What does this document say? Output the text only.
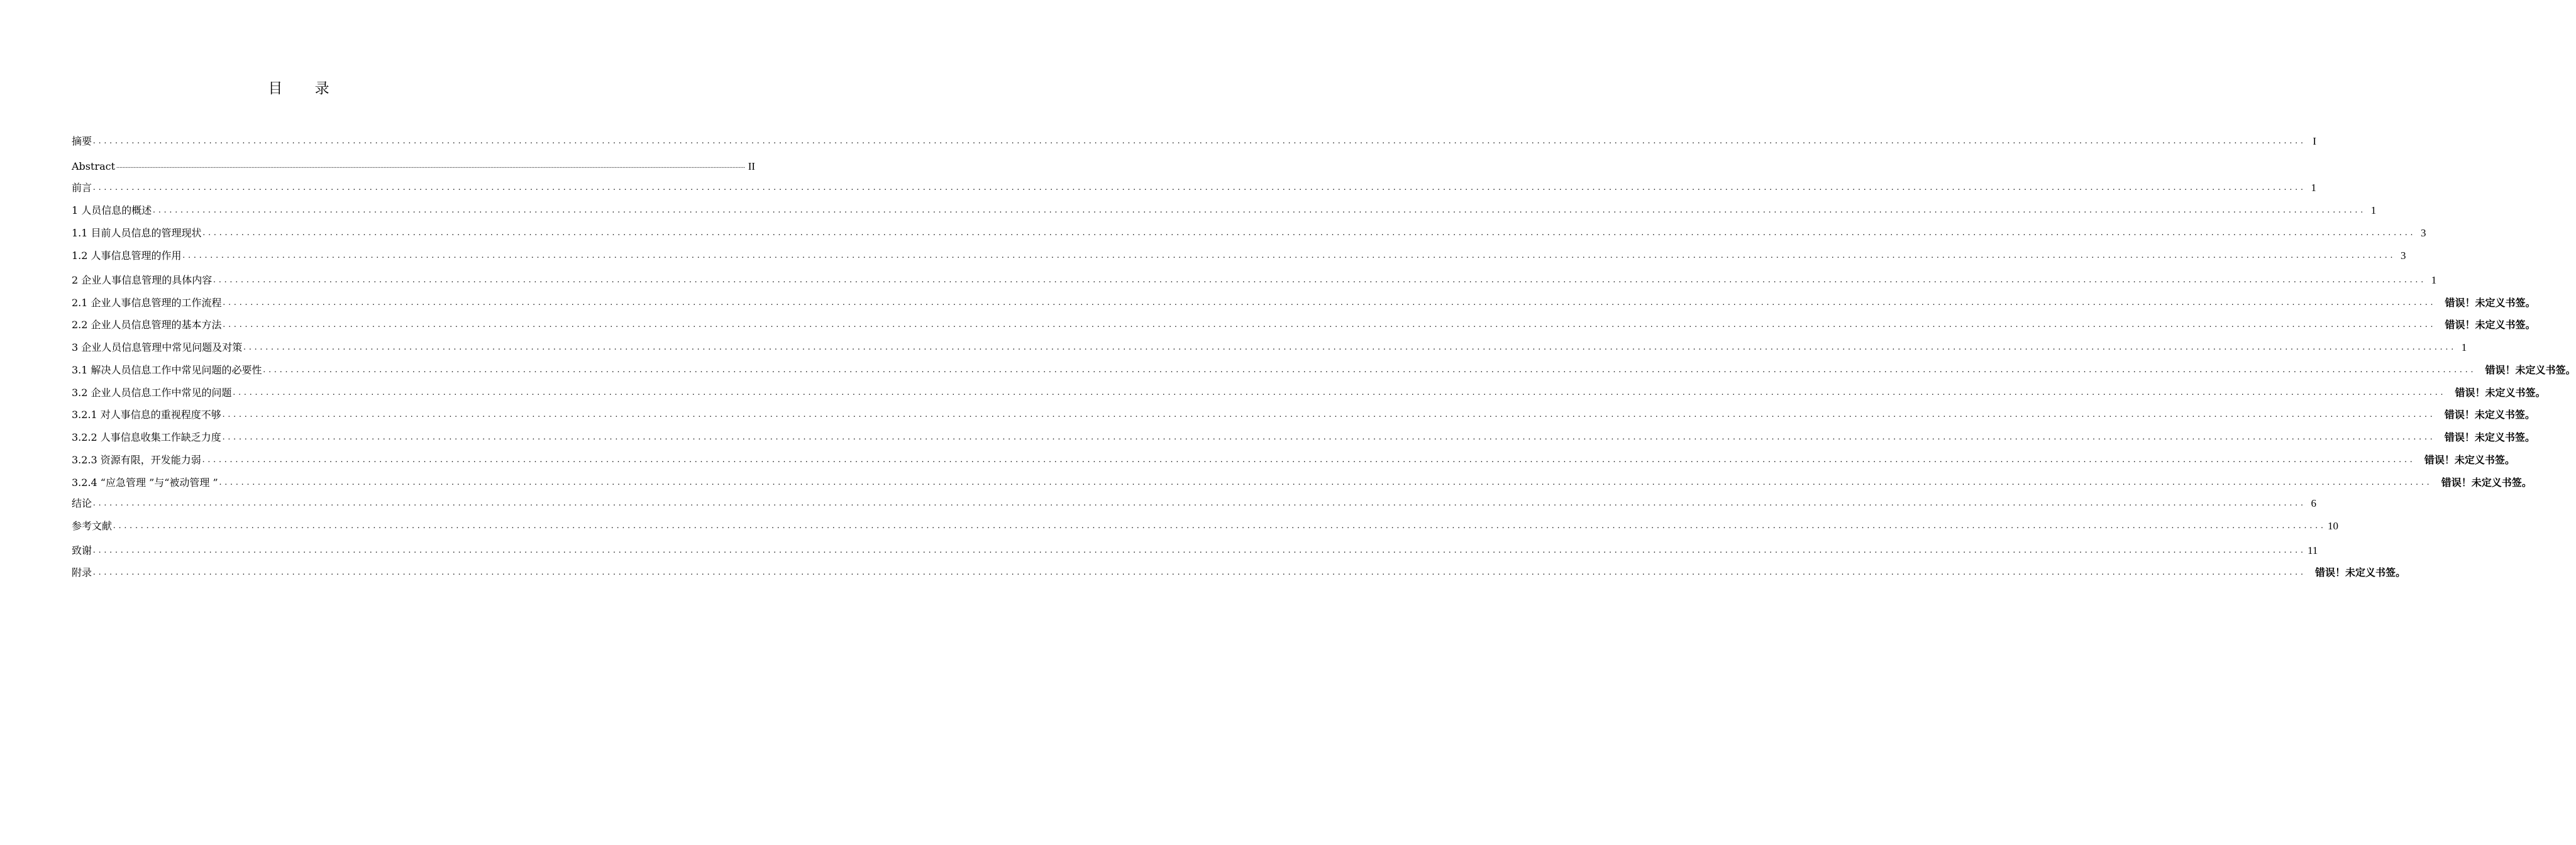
目 录
摘要 ................................................................................................................................................................................................................................................................................................................................................................................................................ I
Abstract ................................................................................................................................................................................................................................................................................................................................................................................................................ II
前言 ................................................................................................................................................................................................................................................................................................................................................................................................................ 1
1 人员信息的概述 ................................................................................................................................................................................................................................................................................................................................................................................................................ 1
1.1 目前人员信息的管理现状 ................................................................................................................................................................................................................................................................................................................................................................................................................ 3
1.2 人事信息管理的作用 ................................................................................................................................................................................................................................................................................................................................................................................................................ 3
2 企业人事信息管理的具体内容 ................................................................................................................................................................................................................................................................................................................................................................................................................ 1
2.1 企业人事信息管理的工作流程 ................................................................................................................................................................................................................................................................................................................................................................................................................ 错误！未定义书签。
2.2 企业人员信息管理的基本方法 ................................................................................................................................................................................................................................................................................................................................................................................................................ 错误！未定义书签。
3 企业人员信息管理中常见问题及对策 ................................................................................................................................................................................................................................................................................................................................................................................................................ 1
3.1 解决人员信息工作中常见问题的必要性 ................................................................................................................................................................................................................................................................................................................................................................................................................ 错误！未定义书签。
3.2 企业人员信息工作中常见的问题 ................................................................................................................................................................................................................................................................................................................................................................................................................ 错误！未定义书签。
3.2.1 对人事信息的重视程度不够 ................................................................................................................................................................................................................................................................................................................................................................................................................ 错误！未定义书签。
3.2.2 人事信息收集工作缺乏力度 ................................................................................................................................................................................................................................................................................................................................................................................................................ 错误！未定义书签。
3.2.3 资源有限，开发能力弱 ................................................................................................................................................................................................................................................................................................................................................................................................................ 错误！未定义书签。
3.2.4 “应急管理 ”与“被动管理 ” ................................................................................................................................................................................................................................................................................................................................................................................................................ 错误！未定义书签。
结论 ................................................................................................................................................................................................................................................................................................................................................................................................................ 6
参考文献 ................................................................................................................................................................................................................................................................................................................................................................................................................ 10
致谢 ................................................................................................................................................................................................................................................................................................................................................................................................................ 11
附录 ................................................................................................................................................................................................................................................................................................................................................................................................................ 错误！未定义书签。
